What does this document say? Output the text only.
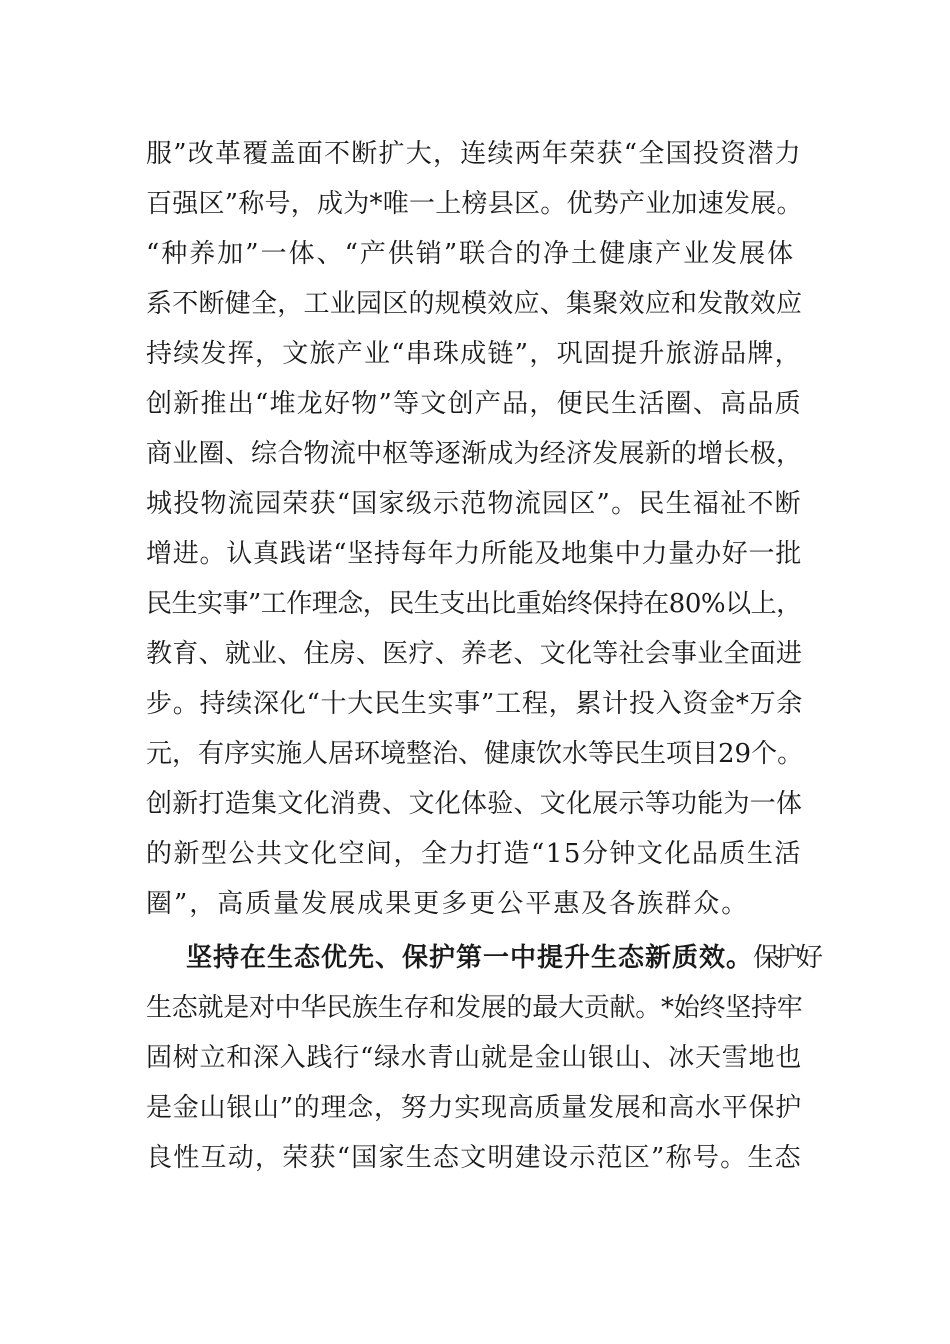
服”改革覆盖面不断扩大，连续两年荣获“全国投资潜力
百强区”称号，成为*唯一上榜县区。优势产业加速发展。
“种养加”一体、“产供销”联合的净土健康产业发展体
系不断健全，工业园区的规模效应、集聚效应和发散效应
持续发挥，文旅产业“串珠成链”，巩固提升旅游品牌，
创新推出“堆龙好物”等文创产品，便民生活圈、高品质
商业圈、综合物流中枢等逐渐成为经济发展新的增长极，
城投物流园荣获“国家级示范物流园区”。民生福祉不断
增进。认真践诺“坚持每年力所能及地集中力量办好一批
民生实事”工作理念，民生支出比重始终保持在80%以上，
教育、就业、住房、医疗、养老、文化等社会事业全面进
步。持续深化“十大民生实事”工程，累计投入资金*万余
元，有序实施人居环境整治、健康饮水等民生项目29个。
创新打造集文化消费、文化体验、文化展示等功能为一体
的新型公共文化空间，全力打造“15分钟文化品质生活
圈”，高质量发展成果更多更公平惠及各族群众。
坚持在生态优先、保护第一中提升生态新质效。保护好
生态就是对中华民族生存和发展的最大贡献。*始终坚持牢
固树立和深入践行“绿水青山就是金山银山、冰天雪地也
是金山银山”的理念，努力实现高质量发展和高水平保护
良性互动，荣获“国家生态文明建设示范区”称号。生态
